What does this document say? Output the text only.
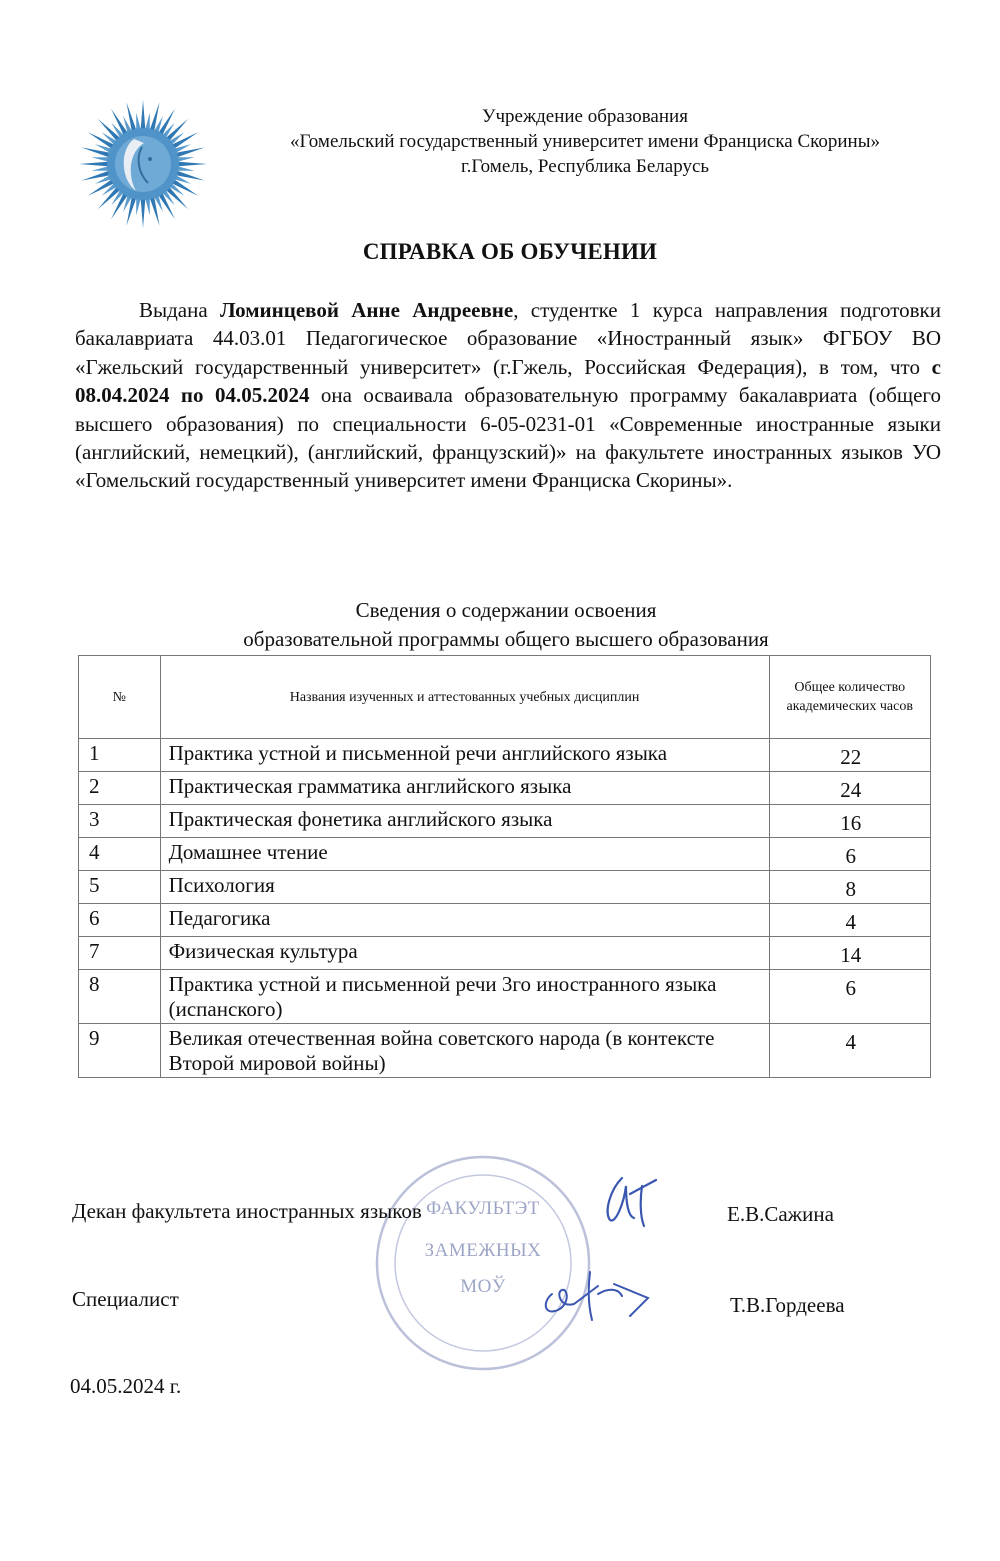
Учреждение образования
«Гомельский государственный университет имени Франциска Скорины»
г.Гомель, Республика Беларусь
СПРАВКА ОБ ОБУЧЕНИИ

Выдана Ломинцевой Анне Андреевне, студентке 1 курса направления подготовки бакалавриата 44.03.01 Педагогическое образование «Иностранный язык» ФГБОУ ВО «Гжельский государственный университет» (г.Гжель, Российская Федерация), в том, что с 08.04.2024 по 04.05.2024 она осваивала образовательную программу бакалавриата (общего высшего образования) по специальности 6-05-0231-01 «Современные иностранные языки (английский, немецкий), (английский, французский)» на факультете иностранных языков УО «Гомельский государственный университет имени Франциска Скорины».

Сведения о содержании освоения
образовательной программы общего высшего образования
№	Названия изученных и аттестованных учебных дисциплин	Общее количество академических часов
1	Практика устной и письменной речи английского языка	22
2	Практическая грамматика английского языка	24
3	Практическая фонетика английского языка	16
4	Домашнее чтение	6
5	Психология	8
6	Педагогика	4
7	Физическая культура	14
8	Практика устной и письменной речи 3го иностранного языка (испанского)	6
9	Великая отечественная война советского народа (в контексте Второй мировой войны)	4
ФАКУЛЬТЭТ
ЗАМЕЖНЫХ
МОЎ
Декан факультета иностранных языков	Е.В.Сажина
Специалист	Т.В.Гордеева
04.05.2024 г.
